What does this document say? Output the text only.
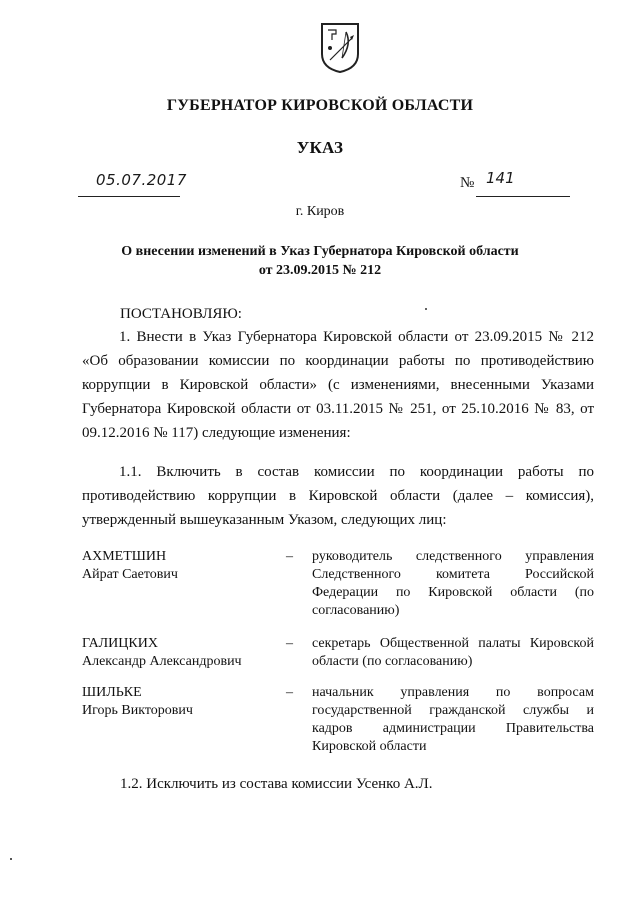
ГУБЕРНАТОР КИРОВСКОЙ ОБЛАСТИ
УКАЗ
05.07.2017	№ 141
г. Киров
О внесении изменений в Указ Губернатора Кировской области
от 23.09.2015 № 212
ПОСТАНОВЛЯЮ:
1. Внести в Указ Губернатора Кировской области от 23.09.2015 № 212 «Об образовании комиссии по координации работы по противодействию коррупции в Кировской области» (с изменениями, внесенными Указами Губернатора Кировской области от 03.11.2015 № 251, от 25.10.2016 № 83, от 09.12.2016 № 117) следующие изменения:
1.1. Включить в состав комиссии по координации работы по противодействию коррупции в Кировской области (далее – комиссия), утвержденный вышеуказанным Указом, следующих лиц:
АХМЕТШИН
Айрат Саетович
– руководитель следственного управления Следственного комитета Российской Федерации по Кировской области (по согласованию)
ГАЛИЦКИХ
Александр Александрович
– секретарь Общественной палаты Кировской области (по согласованию)
ШИЛЬКЕ
Игорь Викторович
– начальник управления по вопросам государственной гражданской службы и кадров администрации Правительства Кировской области
1.2. Исключить из состава комиссии Усенко А.Л.
